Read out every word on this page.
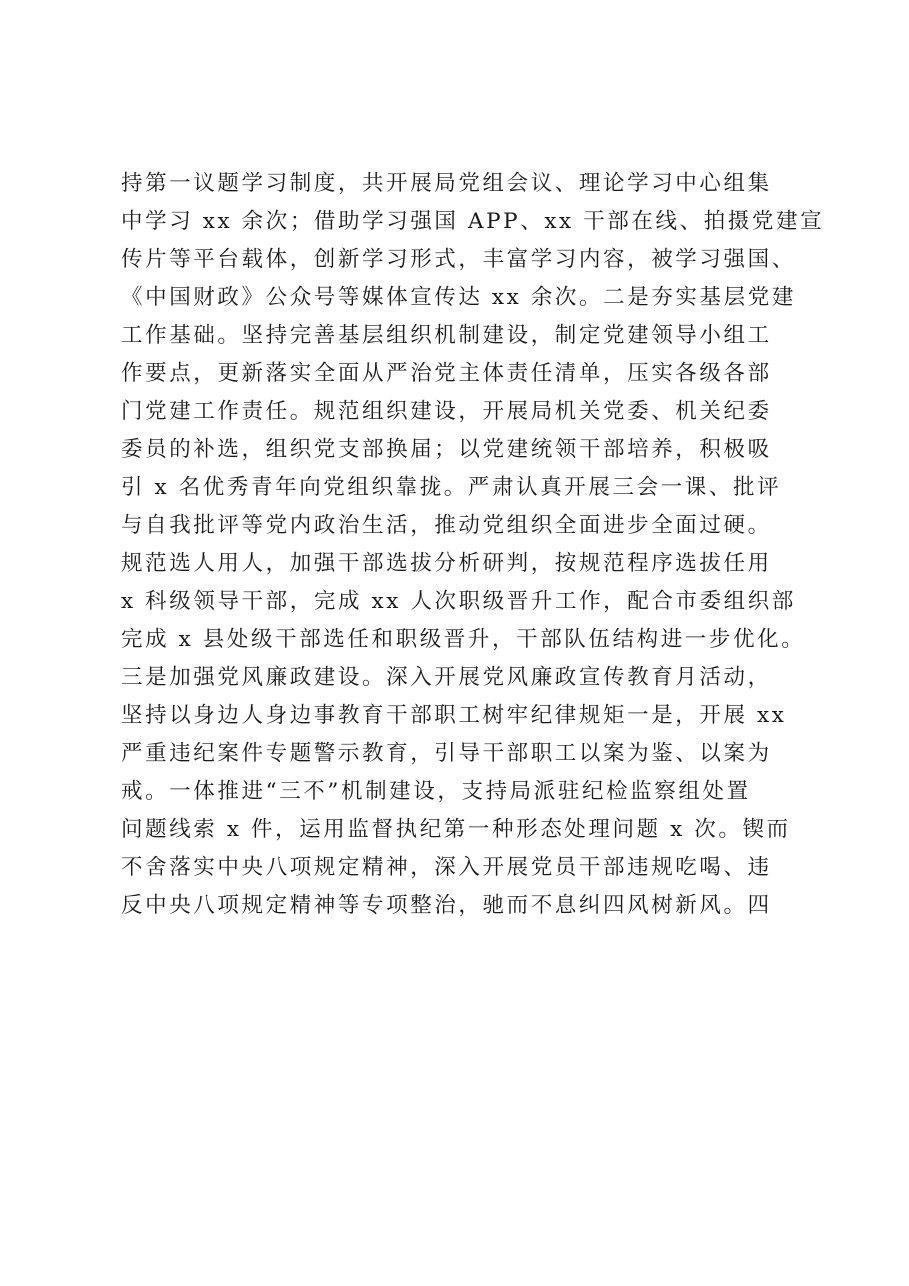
持第一议题学习制度，共开展局党组会议、理论学习中心组集
中学习 xx 余次；借助学习强国 APP、xx 干部在线、拍摄党建宣
传片等平台载体，创新学习形式，丰富学习内容，被学习强国、
《中国财政》公众号等媒体宣传达 xx 余次。二是夯实基层党建
工作基础。坚持完善基层组织机制建设，制定党建领导小组工
作要点，更新落实全面从严治党主体责任清单，压实各级各部
门党建工作责任。规范组织建设，开展局机关党委、机关纪委
委员的补选，组织党支部换届；以党建统领干部培养，积极吸
引 x 名优秀青年向党组织靠拢。严肃认真开展三会一课、批评
与自我批评等党内政治生活，推动党组织全面进步全面过硬。
规范选人用人，加强干部选拔分析研判，按规范程序选拔任用
x 科级领导干部，完成 xx 人次职级晋升工作，配合市委组织部
完成 x 县处级干部选任和职级晋升，干部队伍结构进一步优化。
三是加强党风廉政建设。深入开展党风廉政宣传教育月活动，
坚持以身边人身边事教育干部职工树牢纪律规矩一是，开展 xx
严重违纪案件专题警示教育，引导干部职工以案为鉴、以案为
戒。一体推进“三不”机制建设，支持局派驻纪检监察组处置
问题线索 x 件，运用监督执纪第一种形态处理问题 x 次。锲而
不舍落实中央八项规定精神，深入开展党员干部违规吃喝、违
反中央八项规定精神等专项整治，驰而不息纠四风树新风。四
